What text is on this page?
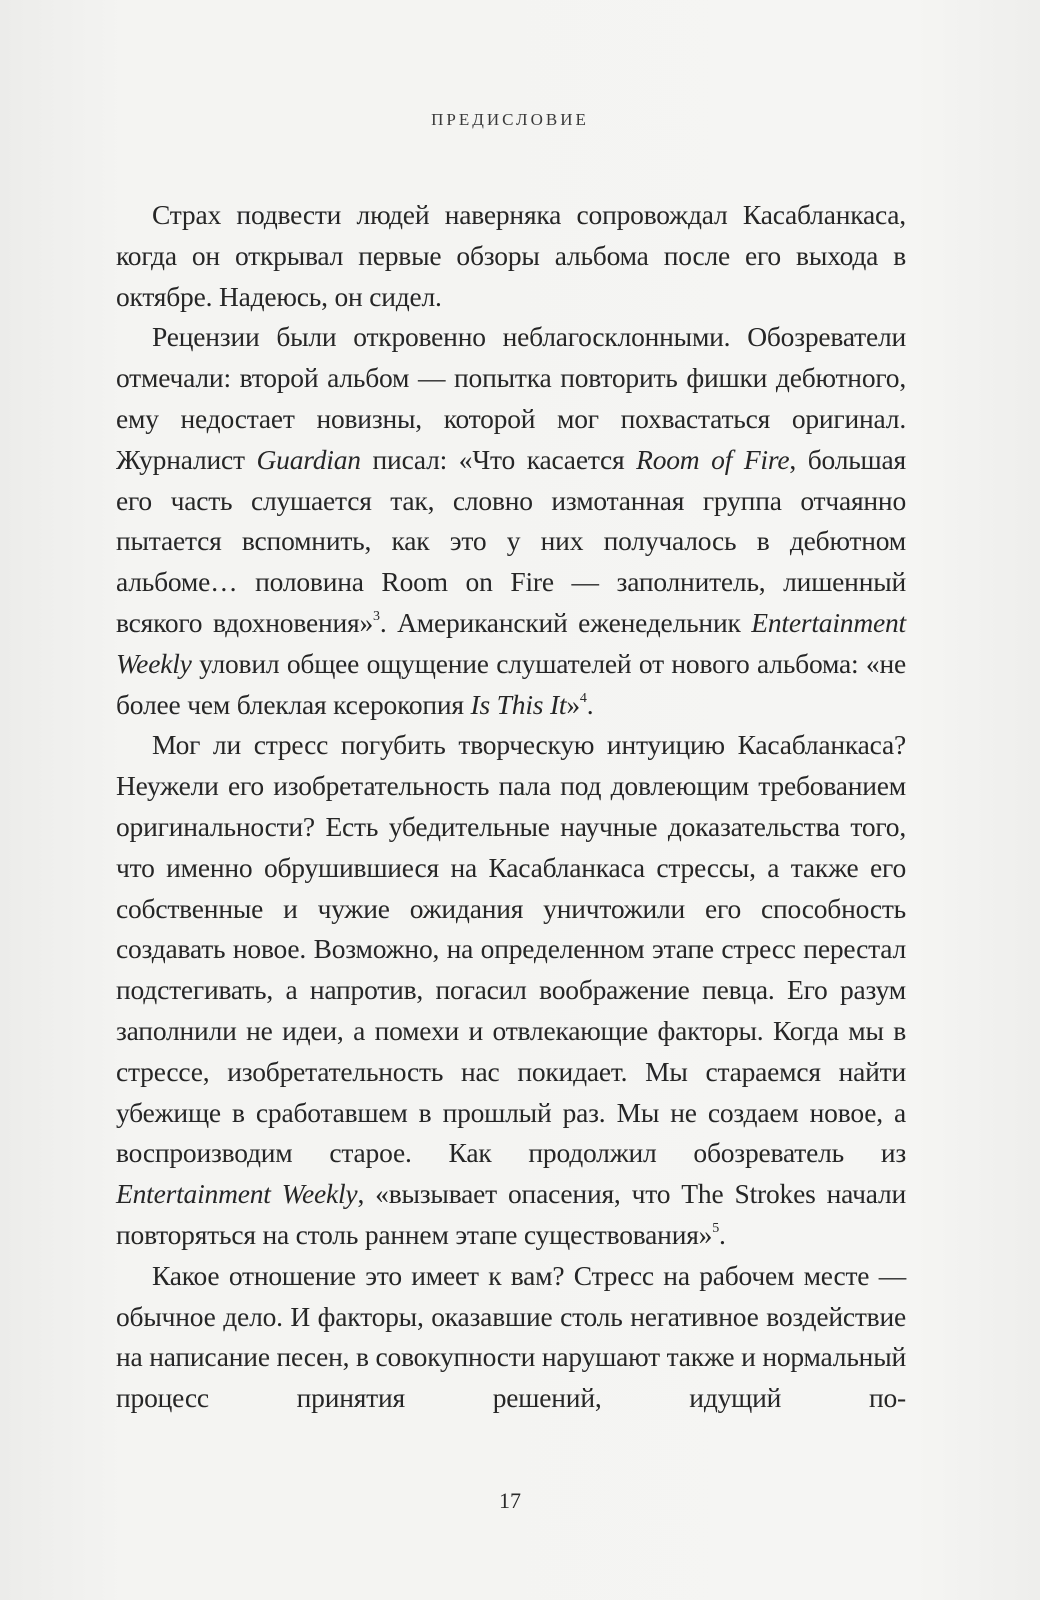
ПРЕДИСЛОВИЕ

Страх подвести людей наверняка сопровождал Касабланкаса, когда он открывал первые обзоры альбома после его выхода в октябре. Надеюсь, он сидел.

Рецензии были откровенно неблагосклонными. Обозреватели отмечали: второй альбом — попытка повторить фишки дебютного, ему недостает новизны, которой мог похвастаться оригинал. Журналист Guardian писал: «Что касается Room of Fire, большая его часть слушается так, словно измотанная группа отчаянно пытается вспомнить, как это у них получалось в дебютном альбоме… половина Room on Fire — заполнитель, лишенный всякого вдохновения»$^3$. Американский еженедельник Entertainment Weekly уловил общее ощущение слушателей от нового альбома: «не более чем блеклая ксерокопия Is This It»$^4$.

Мог ли стресс погубить творческую интуицию Касабланкаса? Неужели его изобретательность пала под довлеющим требованием оригинальности? Есть убедительные научные доказательства того, что именно обрушившиеся на Касабланкаса стрессы, а также его собственные и чужие ожидания уничтожили его способность создавать новое. Возможно, на определенном этапе стресс перестал подстегивать, а напротив, погасил воображение певца. Его разум заполнили не идеи, а помехи и отвлекающие факторы. Когда мы в стрессе, изобретательность нас покидает. Мы стараемся найти убежище в сработавшем в прошлый раз. Мы не создаем новое, а воспроизводим старое. Как продолжил обозреватель из Entertainment Weekly, «вызывает опасения, что The Strokes начали повторяться на столь раннем этапе существования»$^5$.

Какое отношение это имеет к вам? Стресс на рабочем месте — обычное дело. И факторы, оказавшие столь негативное воздействие на написание песен, в совокупности нарушают также и нормальный процесс принятия решений, идущий по-

17
